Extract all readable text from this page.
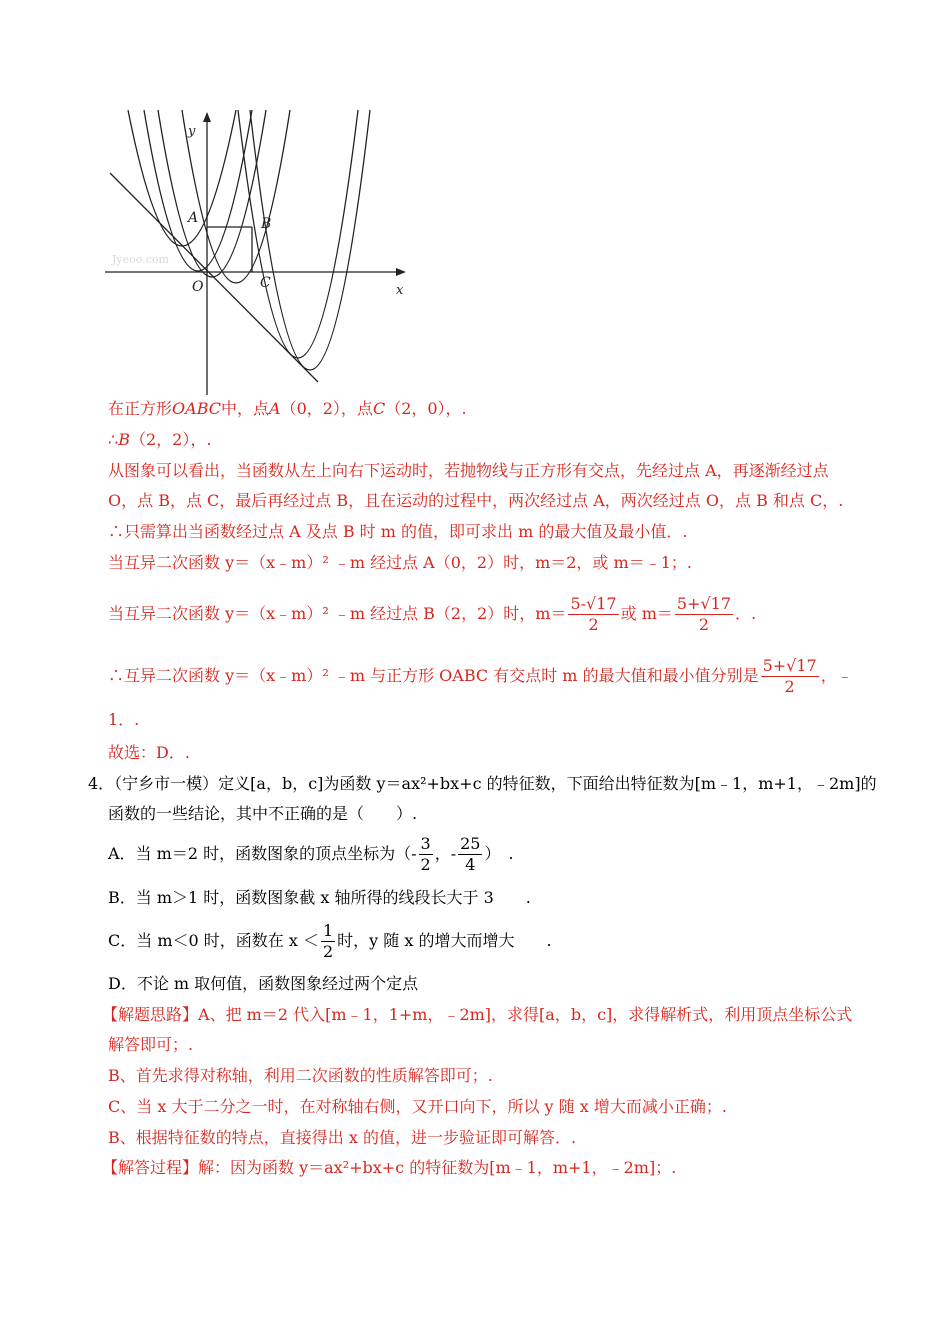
Jyeoo.com
y
x
A	B
C
O
在正方形OABC中，点A（0，2），点C（2，0），.
∴B（2，2），.
从图象可以看出，当函数从左上向右下运动时，若抛物线与正方形有交点，先经过点 A，再逐渐经过点
O，点 B，点 C，最后再经过点 B，且在运动的过程中，两次经过点 A，两次经过点 O，点 B 和点 C，.
∴只需算出当函数经过点 A 及点 B 时 m 的值，即可求出 m 的最大值及最小值．.
当互异二次函数 y＝（x﹣m）² ﹣m 经过点 A（0，2）时，m＝2，或 m＝﹣1；.
当互异二次函数 y＝（x﹣m）² ﹣m 经过点 B（2，2）时，$m= \frac{5-√17}{2}$ 或 $m= \frac{5+√17}{2}$ ．.
∴互异二次函数 y＝（x﹣m）² ﹣m 与正方形 OABC 有交点时 m 的最大值和最小值分别是 $\frac{5+√17}{2}$ ，﹣
1．.
故选：D．.
4．（宁乡市一模）定义[a，b，c]为函数 y＝ax²+bx+c 的特征数，下面给出特征数为[m﹣1，m+1，﹣2m]的
函数的一些结论，其中不正确的是（　　）.
A．当 m＝2 时，函数图象的顶点坐标为（- $\frac{3}{2}$ ，- $\frac{25}{4}$ ）　.
B．当 m＞1 时，函数图象截 x 轴所得的线段长大于 3　　.
C．当 m＜0 时，函数在 $x < \frac{1}{2}$ 时，y 随 x 的增大而增大　　.
D．不论 m 取何值，函数图象经过两个定点
【解题思路】A、把 m＝2 代入[m﹣1，1+m，﹣2m]，求得[a，b，c]，求得解析式，利用顶点坐标公式
解答即可；.
B、首先求得对称轴，利用二次函数的性质解答即可；.
C、当 x 大于二分之一时，在对称轴右侧，又开口向下，所以 y 随 x 增大而减小正确；.
B、根据特征数的特点，直接得出 x 的值，进一步验证即可解答．.
【解答过程】解：因为函数 y＝ax²+bx+c 的特征数为[m﹣1，m+1，﹣2m]；.
